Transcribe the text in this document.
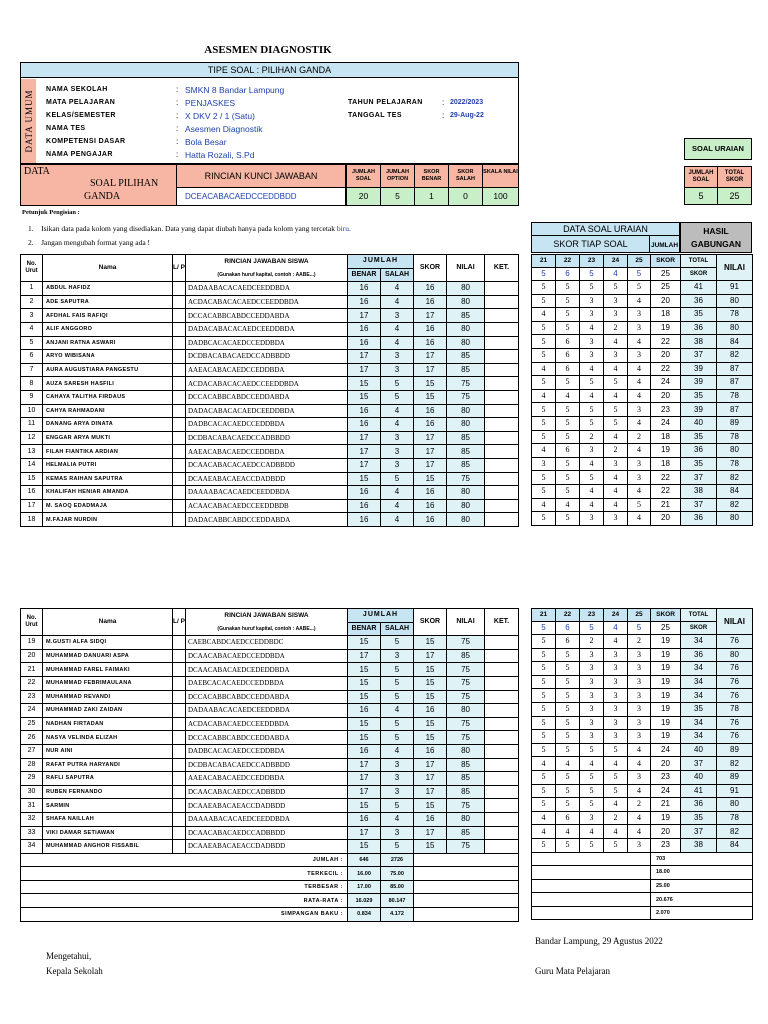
ASESMEN DIAGNOSTIK
TIPE SOAL : PILIHAN GANDA
DATA UMUM NAMA SEKOLAH	: SMKN 8 Bandar Lampung
MATA PELAJARAN	: PENJASKES
KELAS/SEMESTER	: X DKV 2 / 1 (Satu)
NAMA TES	: Asesmen Diagnostik
KOMPETENSI DASAR	: Bola Besar
NAMA PENGAJAR	: Hatta Rozali, S.Pd
TAHUN PELAJARAN : 2022/2023
TANGGAL TES	: 29-Aug-22
DATA
SOAL PILIHAN
GANDA
RINCIAN KUNCI JAWABAN
DCEACABACAEDCCEDDBDD
JUMLAH SOAL
20
JUMLAH OPTION
5
SKOR BENAR
1
SKOR SALAH
0
SKALA NILAI
100
SOAL URAIAN
JUMLAH SOAL
TOTAL SKOR
5	25
Petunjuk Pengisian :
1. Isikan data pada kolom yang disediakan. Data yang dapat diubah hanya pada kolom yang tercetak biru.
2. Jangan mengubah format yang ada !
DATA SOAL URAIAN
SKOR TIAP SOAL	JUMLAH
HASIL GABUNGAN
No. Urut	Nama	L/ P	RINCIAN JAWABAN SISWA	JUMLAH		SKOR	NILAI	KET.
			(Gunakan huruf kapital, contoh : AABE...)	BENAR	SALAH			
1	ABDUL HAFIDZ		DADAABACACAEDCEEDDBDA	16	4	16	80	
2	ADE SAPUTRA		ACDACABACACAEDCCEEDDBDA	16	4	16	80	
3	AFDHAL FAIS RAFIQI		DCCACABBCABDCCEDDABDA	17	3	17	85	
4	ALIF ANGGORO		DADACABACACAEDCEEDDBDA	16	4	16	80	
5	ANJANI RATNA ASWARI		DADBCACACAEDCCEDDBDA	16	4	16	80	
6	ARYO WIBISANA		DCDBACABACAEDCCADBBDD	17	3	17	85	
7	AURA AUGUSTIARA PANGESTU		AAEACABACAEDCCEDDBDA	17	3	17	85	
8	AUZA SARESH HASFILI		ACDACABACACAEDCCEEDDBDA	15	5	15	75	
9	CAHAYA TALITHA FIRDAUS		DCCACABBCABDCCEDDABDA	15	5	15	75	
10	CAHYA RAHMADANI		DADACABACACAEDCEEDDBDA	16	4	16	80	
11	DANANG ARYA DINATA		DADBCACACAEDCCEDDBDA	16	4	16	80	
12	ENGGAR ARYA MUKTI		DCDBACABACAEDCCADBBDD	17	3	17	85	
13	FILAH FIANTIKA ARDIAN		AAEACABACAEDCCEDDBDA	17	3	17	85	
14	HELMALIA PUTRI		DCAACABACACAEDCCADBBDD	17	3	17	85	
15	KEMAS RAIHAN SAPUTRA		DCAAEABACAEACCDADBDD	15	5	15	75	
16	KHALIFAH HENIAR AMANDA		DAAAABACACAEDCEEDDBDA	16	4	16	80	
17	M. SAOQ EDADMAJA		ACAACABACAEDCCEEDDBDB	16	4	16	80	
18	M.FAJAR NURDIN		DADACABBCABDCCEDDABDA	16	4	16	80	
21	22	23	24	25	SKOR	TOTAL	NILAI
5	6	5	4	5	25	SKOR	
5	5	5	5	5	25	41	91
5	5	3	3	4	20	36	80
4	5	3	3	3	18	35	78
5	5	4	2	3	19	36	80
5	6	3	4	4	22	38	84
5	6	3	3	3	20	37	82
4	6	4	4	4	22	39	87
5	5	5	5	4	24	39	87
4	4	4	4	4	20	35	78
5	5	5	5	3	23	39	87
5	5	5	5	4	24	40	89
5	5	2	4	2	18	35	78
4	6	3	2	4	19	36	80
3	5	4	3	3	18	35	78
5	5	5	4	3	22	37	82
5	5	4	4	4	22	38	84
4	4	4	4	5	21	37	82
5	5	3	3	4	20	36	80
No. Urut	Nama	L/ P	RINCIAN JAWABAN SISWA	JUMLAH		SKOR	NILAI	KET.
			(Gunakan huruf kapital, contoh : AABE...)	BENAR	SALAH			
19	M.GUSTI ALFA SIDQI		CAEBCABDCAEDCCEDDBDC	15	5	15	75	
20	MUHAMMAD DANUARI ASPA		DCAACABACAEDCCEDDBDA	17	3	17	85	
21	MUHAMMAD FAREL FAIMAKI		DCAACABACAEDCEDEDDBDA	15	5	15	75	
22	MUHAMMAD FEBRIMAULANA		DAEBCACACAEDCCEDDBDA	15	5	15	75	
23	MUHAMMAD REVANDI		DCCACABBCABDCCEDDABDA	15	5	15	75	
24	MUHAMMAD ZAKI ZAIDAN		DADAABACACAEDCEEDDBDA	16	4	16	80	
25	NADHAN FIRTADAN		ACDACABACAEDCCEEDDBDA	15	5	15	75	
26	NASYA VELINDA ELIZAH		DCCACABBCABDCCEDDABDA	15	5	15	75	
27	NUR AINI		DADBCACACAEDCCEDDBDA	16	4	16	80	
28	RAFAT PUTRA HARYANDI		DCDBACABACAEDCCADBBDD	17	3	17	85	
29	RAFLI SAPUTRA		AAEACABACAEDCCEDDBDA	17	3	17	85	
30	RUBEN FERNANDO		DCAACABACAEDCCADBBDD	17	3	17	85	
31	SARMIN		DCAAEABACAEACCDADBDD	15	5	15	75	
32	SHAFA NAILLAH		DAAAABACACAEDCEEDDBDA	16	4	16	80	
33	VIKI DAMAR SETIAWAN		DCAACABACAEDCCADBBDD	17	3	17	85	
34	MUHAMMAD ANGHOR FISSABIL		DCAAEABACAEACCDADBDD	15	5	15	75	
JUMLAH :				646	2726			
TERKECIL :				16.00	75.00			
TERBESAR :				17.00	85.00			
RATA-RATA :				16.029	80.147			
SIMPANGAN BAKU :				0.834	4.172			
21	22	23	24	25	SKOR	TOTAL	NILAI
5	6	5	4	5	25	SKOR	
5	6	2	4	2	19	34	76
5	5	3	3	3	19	36	80
5	5	3	3	3	19	34	76
5	5	3	3	3	19	34	76
5	5	3	3	3	19	34	76
5	5	3	3	3	19	35	78
5	5	3	3	3	19	34	76
5	5	3	3	3	19	34	76
5	5	5	5	4	24	40	89
4	4	4	4	4	20	37	82
5	5	5	5	3	23	40	89
5	5	5	5	4	24	41	91
5	5	5	4	2	21	36	80
4	6	3	2	4	19	35	78
4	4	4	4	4	20	37	82
5	5	5	5	3	23	38	84
					703		
					18.00		
					25.00		
					20.676		
					2.070		
Bandar Lampung, 29 Agustus 2022
Mengetahui,
Kepala Sekolah	Guru Mata Pelajaran
